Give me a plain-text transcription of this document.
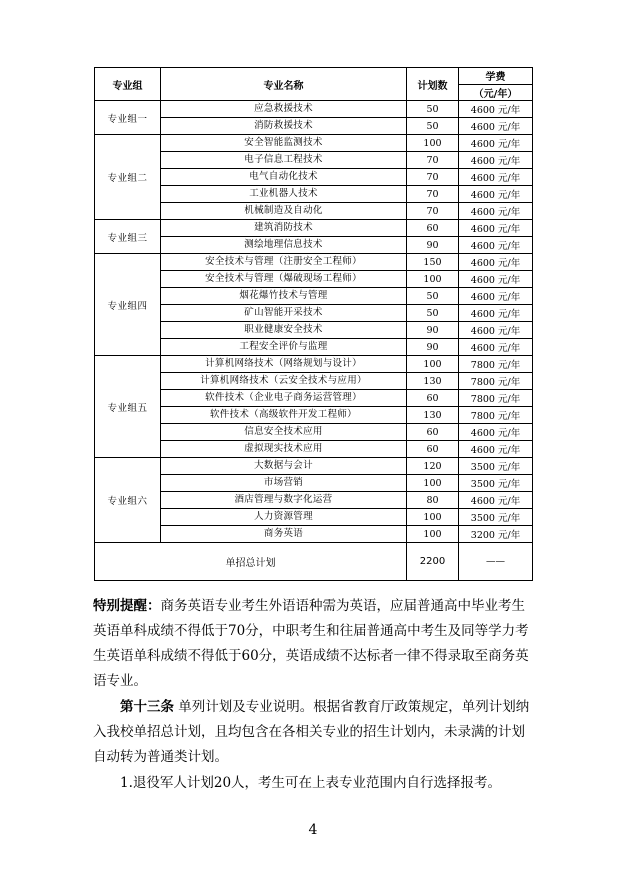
专业组	专业名称	计划数	学费
			（元/年）
专业组一	应急救援技术	50	4600 元/年
	消防救援技术	50	4600 元/年
专业组二	安全智能监测技术	100	4600 元/年
	电子信息工程技术	70	4600 元/年
	电气自动化技术	70	4600 元/年
	工业机器人技术	70	4600 元/年
	机械制造及自动化	70	4600 元/年
专业组三	建筑消防技术	60	4600 元/年
	测绘地理信息技术	90	4600 元/年
专业组四	安全技术与管理（注册安全工程师）	150	4600 元/年
	安全技术与管理（爆破现场工程师）	100	4600 元/年
	烟花爆竹技术与管理	50	4600 元/年
	矿山智能开采技术	50	4600 元/年
	职业健康安全技术	90	4600 元/年
	工程安全评价与监理	90	4600 元/年
专业组五	计算机网络技术（网络规划与设计）	100	7800 元/年
	计算机网络技术（云安全技术与应用）	130	7800 元/年
	软件技术（企业电子商务运营管理）	60	7800 元/年
	软件技术（高级软件开发工程师）	130	7800 元/年
	信息安全技术应用	60	4600 元/年
	虚拟现实技术应用	60	4600 元/年
专业组六	大数据与会计	120	3500 元/年
	市场营销	100	3500 元/年
	酒店管理与数字化运营	80	4600 元/年
	人力资源管理	100	3500 元/年
	商务英语	100	3200 元/年
单招总计划		2200	——
特别提醒：商务英语专业考生外语语种需为英语，应届普通高中毕业考生英语单科成绩不得低于70分，中职考生和往届普通高中考生及同等学力考生英语单科成绩不得低于60分，英语成绩不达标者一律不得录取至商务英语专业。
第十三条 单列计划及专业说明。根据省教育厅政策规定，单列计划纳入我校单招总计划，且均包含在各相关专业的招生计划内，未录满的计划自动转为普通类计划。
1.退役军人计划20人，考生可在上表专业范围内自行选择报考。
4
